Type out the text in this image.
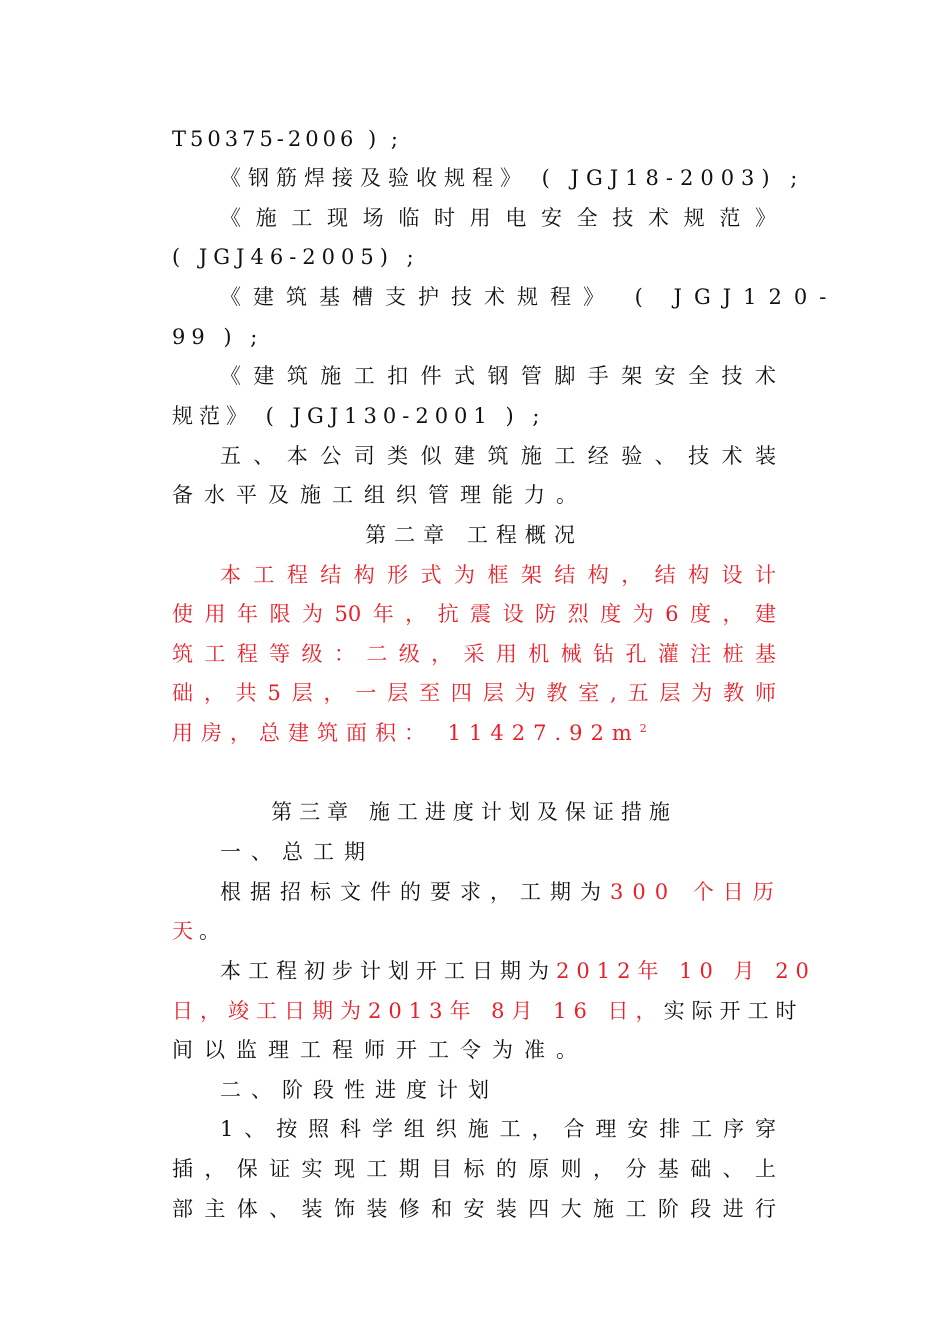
T50375-2006 ) ;
《钢筋焊接及验收规程》 ( JGJ18-2003) ;
《施工现场临时用电安全技术规范》
( JGJ46-2005) ;
《建筑基槽支护技术规程》 ( JGJ120-
99 ) ;
《建筑施工扣件式钢管脚手架安全技术
规范》 ( JGJ130-2001 ) ;
五、本公司类似建筑施工经验、技术装
备水平及施工组织管理能力。
第二章 工程概况
本工程结构形式为框架结构，结构设计
使用年限为50年，抗震设防烈度为6度，建
筑工程等级：二级，采用机械钻孔灌注桩基
础，共5层，一层至四层为教室,五层为教师
用房，总建筑面积： $11427.92m^2$
第三章 施工进度计划及保证措施
一、总工期
根据招标文件的要求，工期为300 个日历
天。
本工程初步计划开工日期为2012年 10 月 20
日，竣工日期为2013年 8月 16 日，实际开工时
间以监理工程师开工令为准。
二、阶段性进度计划
1、按照科学组织施工，合理安排工序穿
插，保证实现工期目标的原则，分基础、上
部主体、装饰装修和安装四大施工阶段进行
